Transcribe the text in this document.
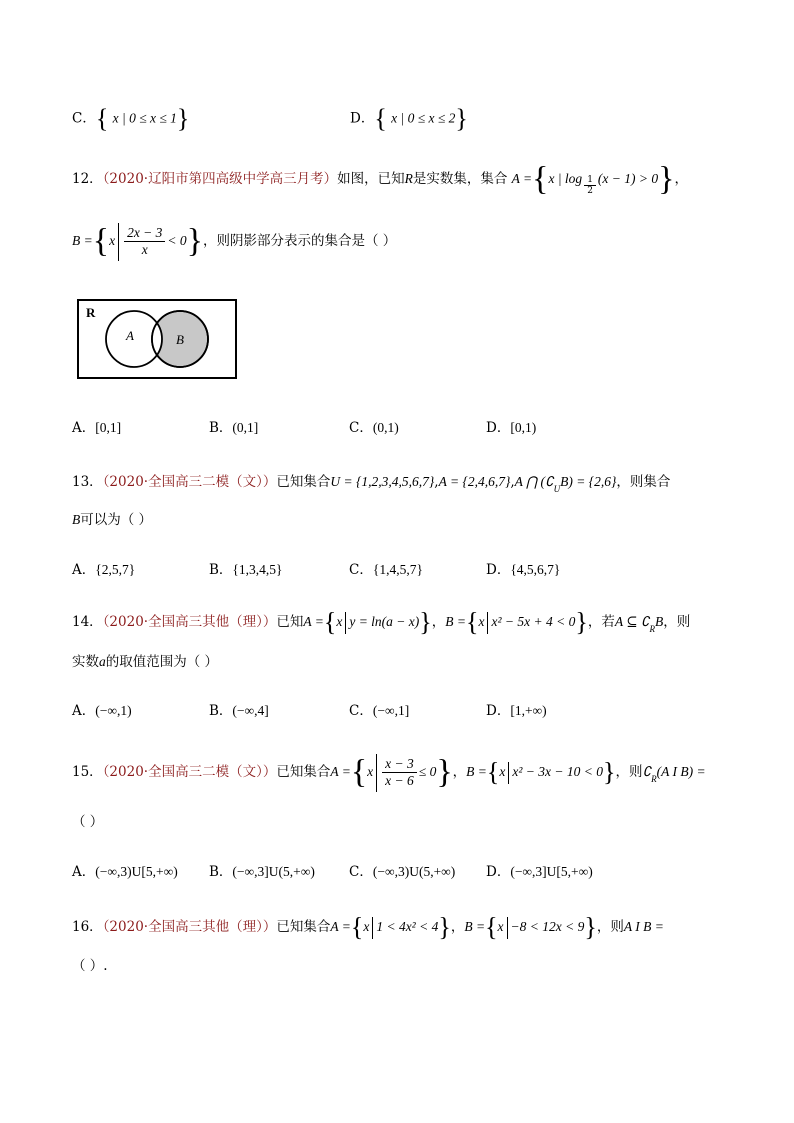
C．{ x | 0 ≤ x ≤ 1}	D．{ x | 0 ≤ x ≤ 2}
12．（2020·辽阳市第四高级中学高三月考）如图，已知R是实数集，集合 A ={x | $\log \frac{1}{2} (x - 1) > 0$}，
$B =\{x \frac{2x - 3}{x} < 0\}$，则阴影部分表示的集合是（ ）
R
A	B
A．[0,1]	B．(0,1]	C．(0,1)	D．[0,1)
13．（2020·全国高三二模（文））已知集合U = {1,2,3,4,5,6,7},A = {2,4,6,7},A ⋂ $(∁_UB) = \{2,6\}$，则集合
B可以为（ ）
A．{2,5,7}	B．{1,3,4,5}	C．{1,4,5,7}	D．{4,5,6,7}
14．（2020·全国高三其他（理））已知A ={x y = ln(a − x)}，B ={x x² − 5x + 4 < 0}，若A ⊆ $∁_RB$，则
实数a的取值范围为（ ）
A．(−∞,1)	B．(−∞,4]	C．(−∞,1]	D．[1,+∞)
15．（2020·全国高三二模（文））已知集合$A =\{x \frac{x - 3}{x - 6} \le 0\}$，B ={x x² − 3x − 10 < 0}，则$∁_R(A$ I B) =
（ ）
A．(−∞,3)U[5,+∞) B．(−∞,3]U(5,+∞)	C．(−∞,3)U(5,+∞) D．(−∞,3]U[5,+∞)
16．（2020·全国高三其他（理））已知集合A ={x 1 < 4x² < 4}，B ={x −8 < 12x < 9}，则A I B =
（ ）.
